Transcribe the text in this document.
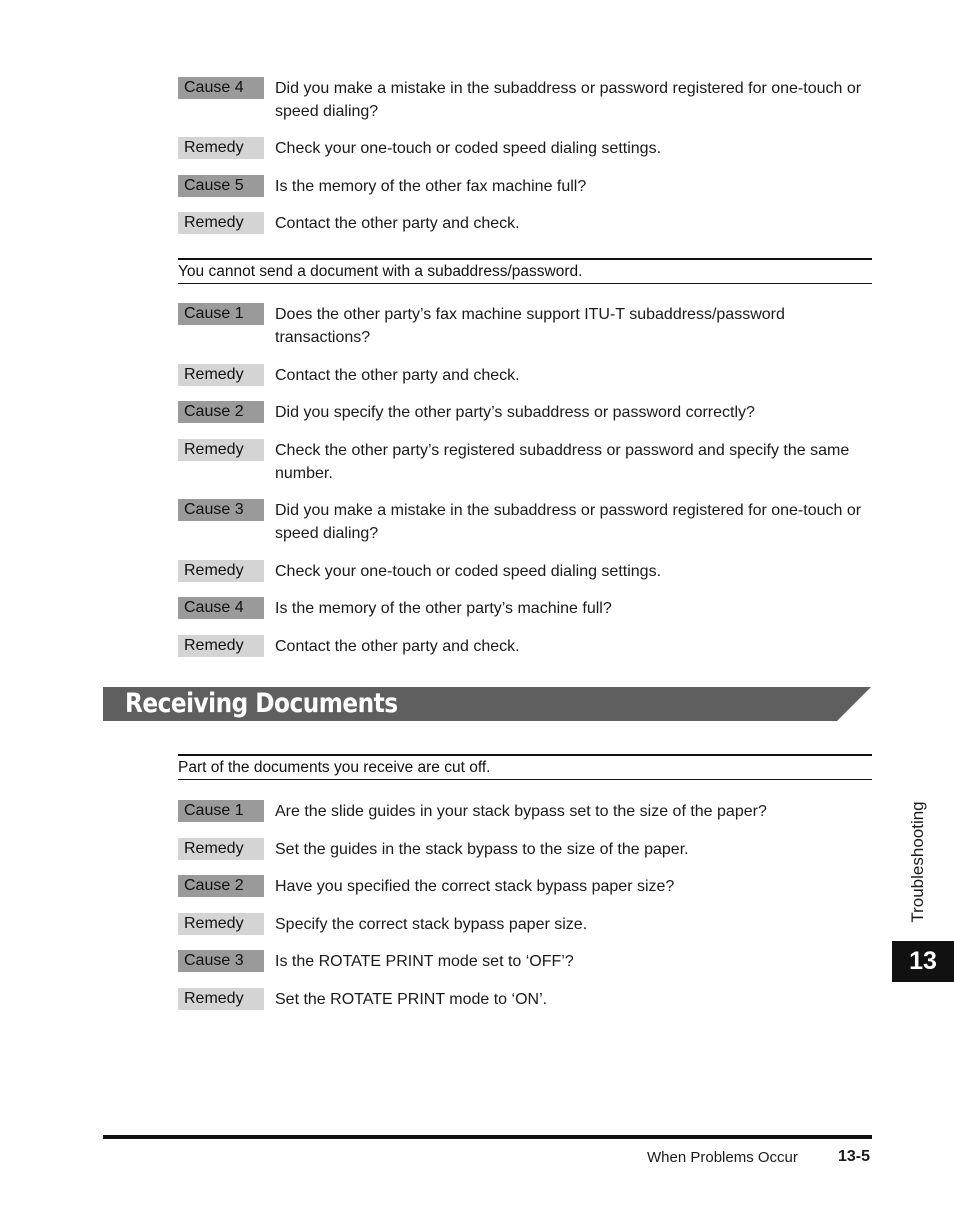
Cause 4	Did you make a mistake in the subaddress or password registered for one-touch or speed dialing?
Remedy	Check your one-touch or coded speed dialing settings.
Cause 5	Is the memory of the other fax machine full?
Remedy	Contact the other party and check.
You cannot send a document with a subaddress/password.
Cause 1	Does the other party’s fax machine support ITU-T subaddress/password transactions?
Remedy	Contact the other party and check.
Cause 2	Did you specify the other party’s subaddress or password correctly?
Remedy	Check the other party’s registered subaddress or password and specify the same number.
Cause 3	Did you make a mistake in the subaddress or password registered for one-touch or speed dialing?
Remedy	Check your one-touch or coded speed dialing settings.
Cause 4	Is the memory of the other party’s machine full?
Remedy	Contact the other party and check.
Receiving Documents
Part of the documents you receive are cut off.
Cause 1	Are the slide guides in your stack bypass set to the size of the paper?
Remedy	Set the guides in the stack bypass to the size of the paper.
Cause 2	Have you specified the correct stack bypass paper size?
Remedy	Specify the correct stack bypass paper size.
Cause 3	Is the ROTATE PRINT mode set to ‘OFF’?
Remedy	Set the ROTATE PRINT mode to ‘ON’.
Troubleshooting
13
When Problems Occur	13-5
